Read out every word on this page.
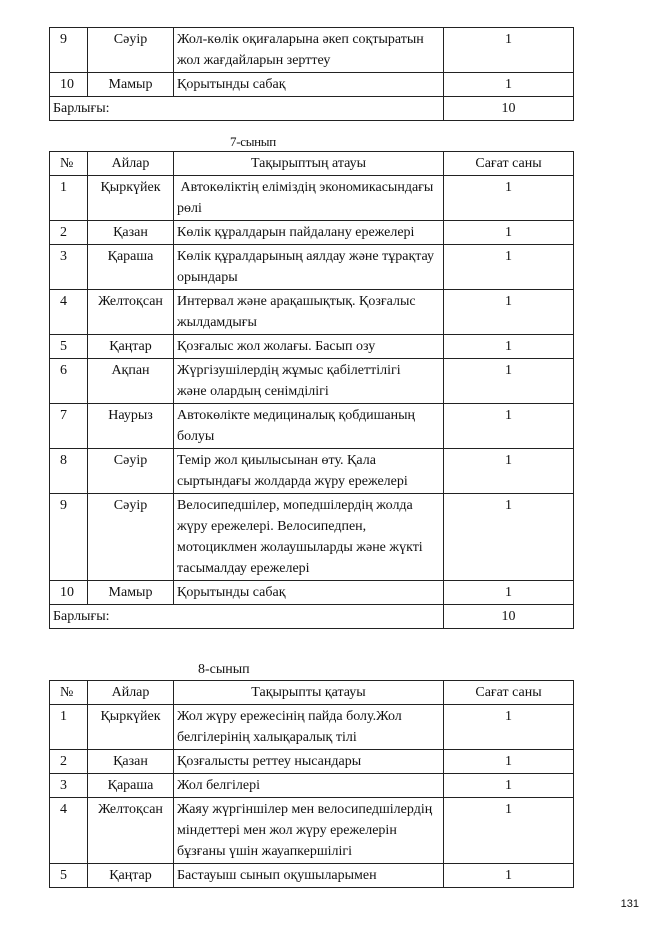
9	Сәуір	Жол-көлік оқиғаларына әкеп соқтыратын жол жағдайларын зерттеу	1
10	Мамыр	Қорытынды сабақ	1
Барлығы:			10
7-сынып
№	Айлар	Тақырыптың атауы	Сағат саны
1	Қыркүйек	Автокөліктің еліміздің экономикасындағы рөлі	1
2	Қазан	Көлік құралдарын пайдалану ережелері	1
3	Қараша	Көлік құралдарының аялдау және тұрақтау орындары	1
4	Желтоқсан	Интервал және арақашықтық. Қозғалыс жылдамдығы	1
5	Қаңтар	Қозғалыс жол жолағы. Басып озу	1
6	Ақпан	Жүргізушілердің жұмыс қабілеттілігі                 және олардың сенімділігі	1
7	Наурыз	Автокөлікте медициналық қобдишаның болуы	1
8	Сәуір	Темір жол қиылысынан өту. Қала сыртындағы жолдарда жүру ережелері	1
9	Сәуір	Велосипедшілер, мопедшілердің жолда жүру ережелері. Велосипедпен, мотоциклмен жолаушыларды және жүкті тасымалдау ережелері	1
10	Мамыр	Қорытынды сабақ	1
Барлығы:			10
8-сынып
№	Айлар	Тақырыпты қатауы	Сағат саны
1	Қыркүйек	Жол жүру ережесінің пайда болу.Жол белгілерінің халықаралық тілі	1
2	Қазан	Қозғалысты реттеу нысандары	1
3	Қараша	Жол белгілері	1
4	Желтоқсан	Жаяу жүргіншілер мен велосипедшілердің міндеттері мен жол жүру ережелерін бұзғаны үшін жауапкершілігі	1
5	Қаңтар	Бастауыш сынып оқушыларымен	1
131
